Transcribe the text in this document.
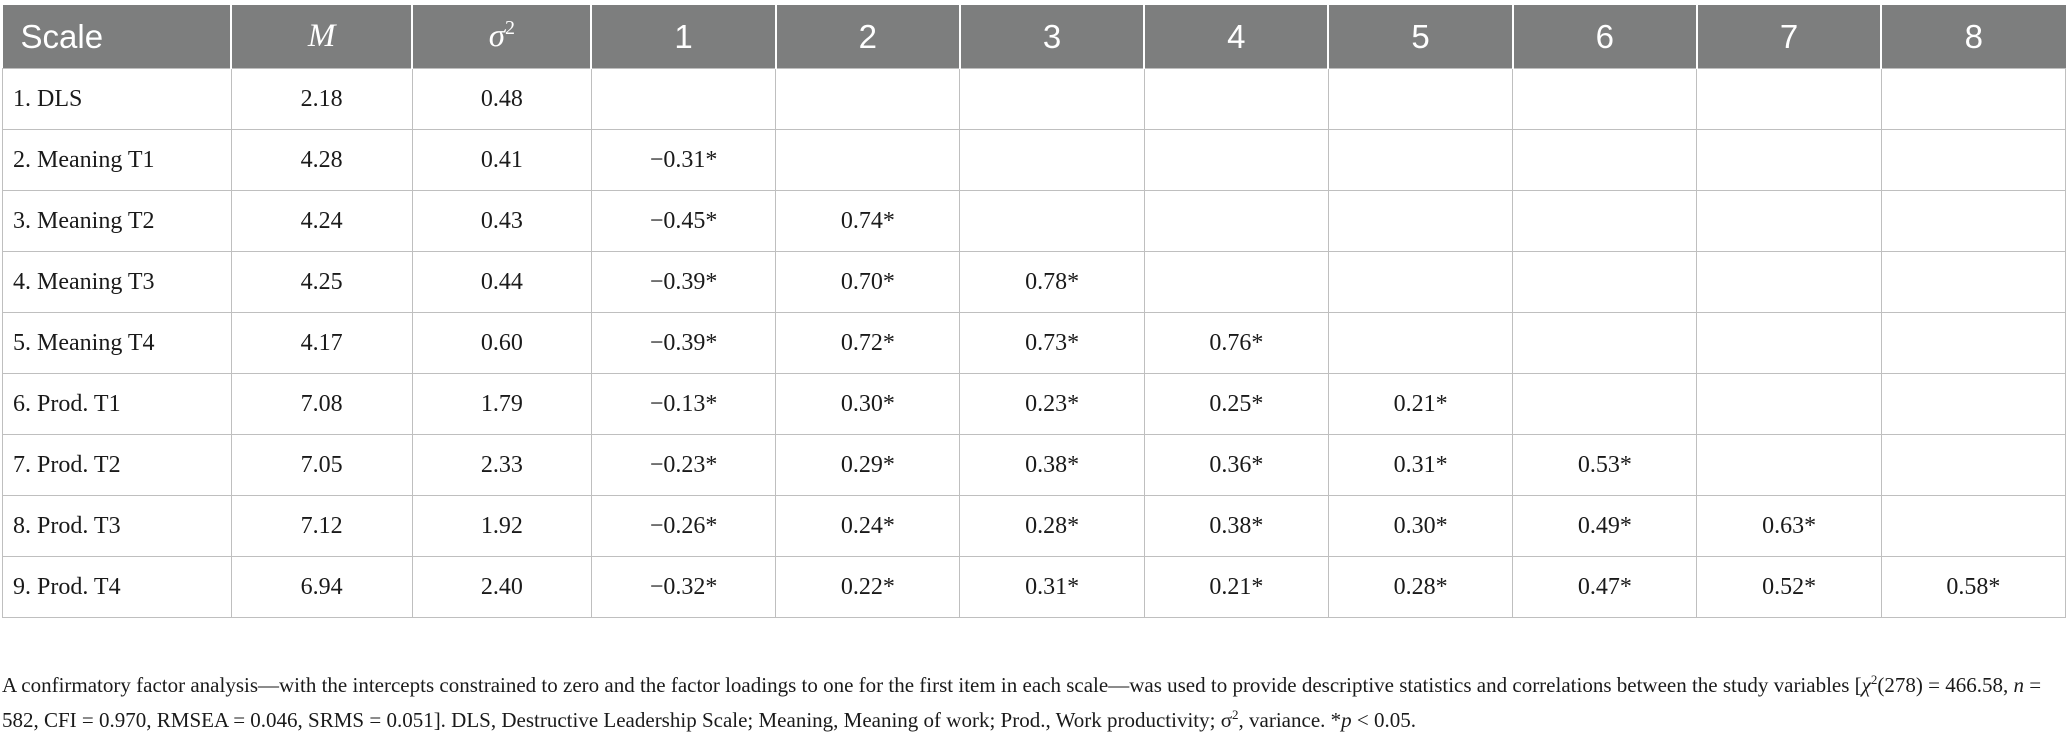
Scale	M	$\sigma^2$	1	2	3	4	5	6	7	8
1. DLS	2.18	0.48								
2. Meaning T1	4.28	0.41	−0.31*							
3. Meaning T2	4.24	0.43	−0.45*	0.74*						
4. Meaning T3	4.25	0.44	−0.39*	0.70*	0.78*					
5. Meaning T4	4.17	0.60	−0.39*	0.72*	0.73*	0.76*				
6. Prod. T1	7.08	1.79	−0.13*	0.30*	0.23*	0.25*	0.21*			
7. Prod. T2	7.05	2.33	−0.23*	0.29*	0.38*	0.36*	0.31*	0.53*		
8. Prod. T3	7.12	1.92	−0.26*	0.24*	0.28*	0.38*	0.30*	0.49*	0.63*	
9. Prod. T4	6.94	2.40	−0.32*	0.22*	0.31*	0.21*	0.28*	0.47*	0.52*	0.58*
A confirmatory factor analysis—with the intercepts constrained to zero and the factor loadings to one for the first item in each scale—was used to provide descriptive statistics and correlations between the study variables [$\chi^2(278) = 466.58$, n = 582, CFI = 0.970, RMSEA = 0.046, SRMS = 0.051]. DLS, Destructive Leadership Scale; Meaning, Meaning of work; Prod., Work productivity; $\sigma^2$, variance. *p < 0.05.
